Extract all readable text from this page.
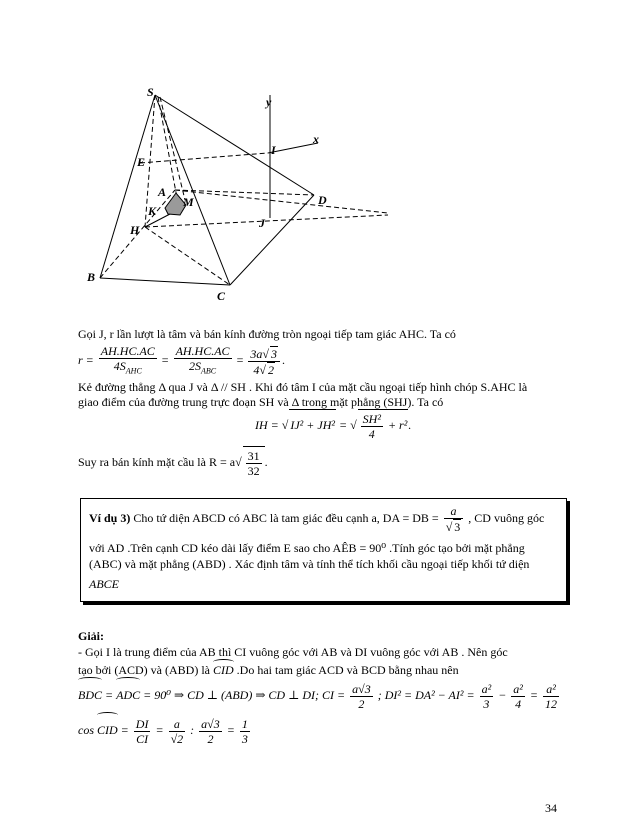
S
y
x
I
E
A
M
K
D
J
H
B
C
Gọi J, r lần lượt là tâm và bán kính đường tròn ngoại tiếp tam giác AHC. Ta có
$r = \frac{AH.HC.AC}{4S_{AHC}} = \frac{AH.HC.AC}{2S_{ABC}} = \frac{3a√ 3}{4√ 2}$ .
Kẻ đường thẳng Δ qua J và Δ // SH . Khi đó tâm I của mặt cầu ngoại tiếp hình chóp S.AHC là
giao điểm của đường trung trực đoạn SH và Δ trong mặt phẳng (SHJ). Ta có
IH = √ IJ² + JH² = √ $\frac{\text{SH²}}{4} + r^2$.
Suy ra bán kính mặt cầu là $R = a√ \frac{31}{32}$ .
Ví dụ 3) Cho tứ diện ABCD có ABC là tam giác đều cạnh a, DA = DB = $\frac{a}{√ 3}$ , CD vuông góc
với AD .Trên cạnh CD kéo dài lấy điểm E sao cho AÊB = 90⁰ .Tính góc tạo bởi mặt phẳng
(ABC) và mặt phẳng (ABD) . Xác định tâm và tính thể tích khối cầu ngoại tiếp khối tứ diện
ABCE
Giải:
- Gọi I là trung điểm của AB thì CI vuông góc với AB và DI vuông góc với AB . Nên góc
tạo bởi (ACD) và (ABD) là CID .Do hai tam giác ACD và BCD bằng nhau nên
BDC = ADC = 90⁰ ⇒ CD ⊥ (ABD) ⇒ CD ⊥ DI; CI = $\frac{a√3}{2}$ ; $DI^2 = DA^2 - AI^2 = \frac{\text{a²}}{3} - \frac{\text{a²}}{4} = \frac{\text{a²}}{12}$
cos CID = $\frac{DI}{CI} = \frac{a}{√2}$ : $\frac{a√3}{2} = \frac{1}{3}$
34
